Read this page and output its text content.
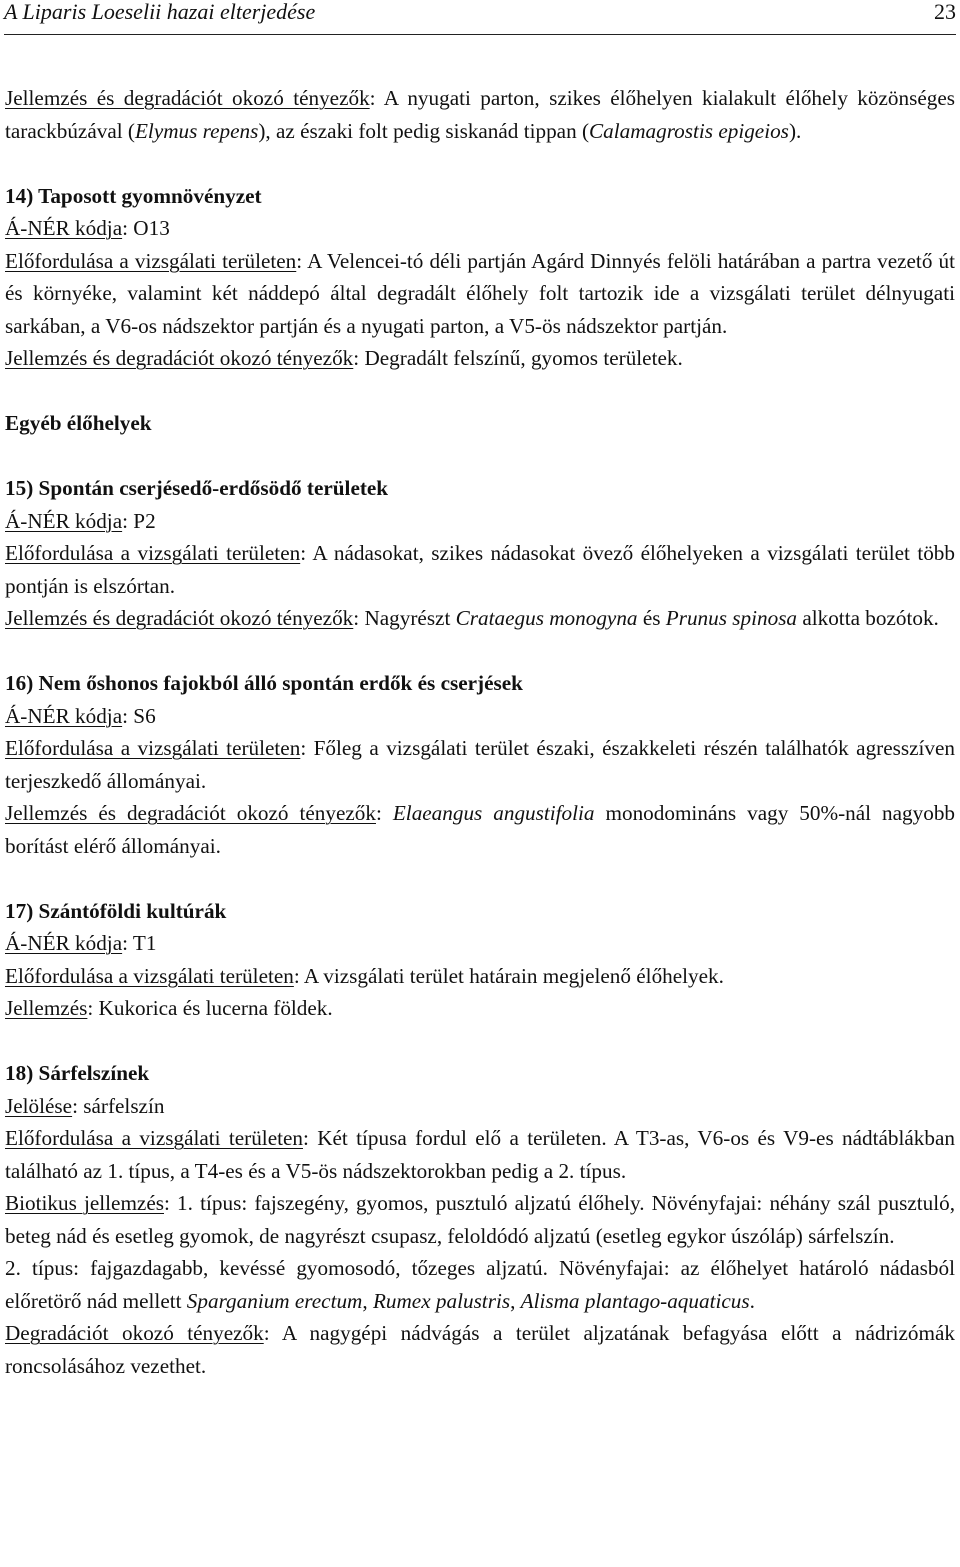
A Liparis Loeselii hazai elterjedése	23

Jellemzés és degradációt okozó tényezők: A nyugati parton, szikes élőhelyen kialakult élőhely közönséges tarackbúzával (Elymus repens), az északi folt pedig siskanád tippan (Calamagrostis epigeios).

14) Taposott gyomnövényzet

Á-NÉR kódja: O13

Előfordulása a vizsgálati területen: A Velencei-tó déli partján Agárd Dinnyés felöli határában a partra vezető út és környéke, valamint két náddepó által degradált élőhely folt tartozik ide a vizsgálati terület délnyugati sarkában, a V6-os nádszektor partján és a nyugati parton, a V5-ös nádszektor partján.

Jellemzés és degradációt okozó tényezők: Degradált felszínű, gyomos területek.

Egyéb élőhelyek

15) Spontán cserjésedő-erdősödő területek

Á-NÉR kódja: P2

Előfordulása a vizsgálati területen: A nádasokat, szikes nádasokat övező élőhelyeken a vizsgálati terület több pontján is elszórtan.

Jellemzés és degradációt okozó tényezők: Nagyrészt Crataegus monogyna és Prunus spinosa alkotta bozótok.

16) Nem őshonos fajokból álló spontán erdők és cserjések

Á-NÉR kódja: S6

Előfordulása a vizsgálati területen: Főleg a vizsgálati terület északi, északkeleti részén találhatók agresszíven terjeszkedő állományai.

Jellemzés és degradációt okozó tényezők: Elaeangus angustifolia monodomináns vagy 50%-nál nagyobb borítást elérő állományai.

17) Szántóföldi kultúrák

Á-NÉR kódja: T1

Előfordulása a vizsgálati területen: A vizsgálati terület határain megjelenő élőhelyek.

Jellemzés: Kukorica és lucerna földek.

18) Sárfelszínek

Jelölése: sárfelszín

Előfordulása a vizsgálati területen: Két típusa fordul elő a területen. A T3-as, V6-os és V9-es nádtáblákban található az 1. típus, a T4-es és a V5-ös nádszektorokban pedig a 2. típus.

Biotikus jellemzés: 1. típus: fajszegény, gyomos, pusztuló aljzatú élőhely. Növényfajai: néhány szál pusztuló, beteg nád és esetleg gyomok, de nagyrészt csupasz, feloldódó aljzatú (esetleg egykor úszóláp) sárfelszín.

2. típus: fajgazdagabb, kevéssé gyomosodó, tőzeges aljzatú. Növényfajai: az élőhelyet határoló nádasból előretörő nád mellett Sparganium erectum, Rumex palustris, Alisma plantago-aquaticus.

Degradációt okozó tényezők: A nagygépi nádvágás a terület aljzatának befagyása előtt a nádrizómák roncsolásához vezethet.
